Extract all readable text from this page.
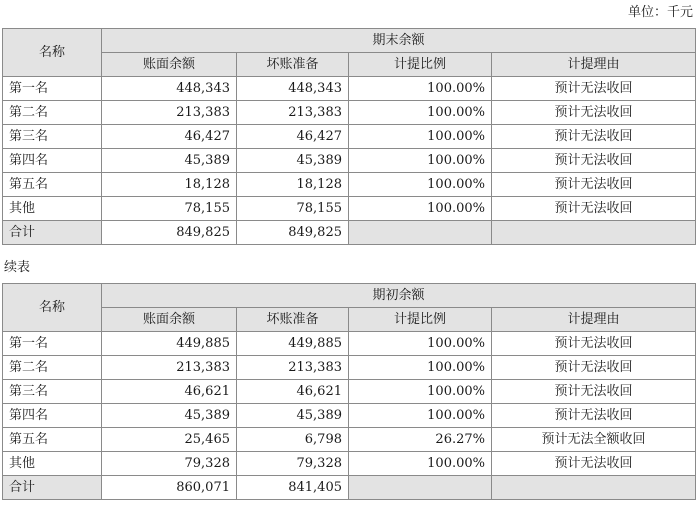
单位：千元
名称	期末余额			
	账面余额	坏账准备	计提比例	计提理由
第一名	448,343	448,343	100.00%	预计无法收回
第二名	213,383	213,383	100.00%	预计无法收回
第三名	46,427	46,427	100.00%	预计无法收回
第四名	45,389	45,389	100.00%	预计无法收回
第五名	18,128	18,128	100.00%	预计无法收回
其他	78,155	78,155	100.00%	预计无法收回
合计	849,825	849,825		
续表
名称	期初余额			
	账面余额	坏账准备	计提比例	计提理由
第一名	449,885	449,885	100.00%	预计无法收回
第二名	213,383	213,383	100.00%	预计无法收回
第三名	46,621	46,621	100.00%	预计无法收回
第四名	45,389	45,389	100.00%	预计无法收回
第五名	25,465	6,798	26.27%	预计无法全额收回
其他	79,328	79,328	100.00%	预计无法收回
合计	860,071	841,405		
